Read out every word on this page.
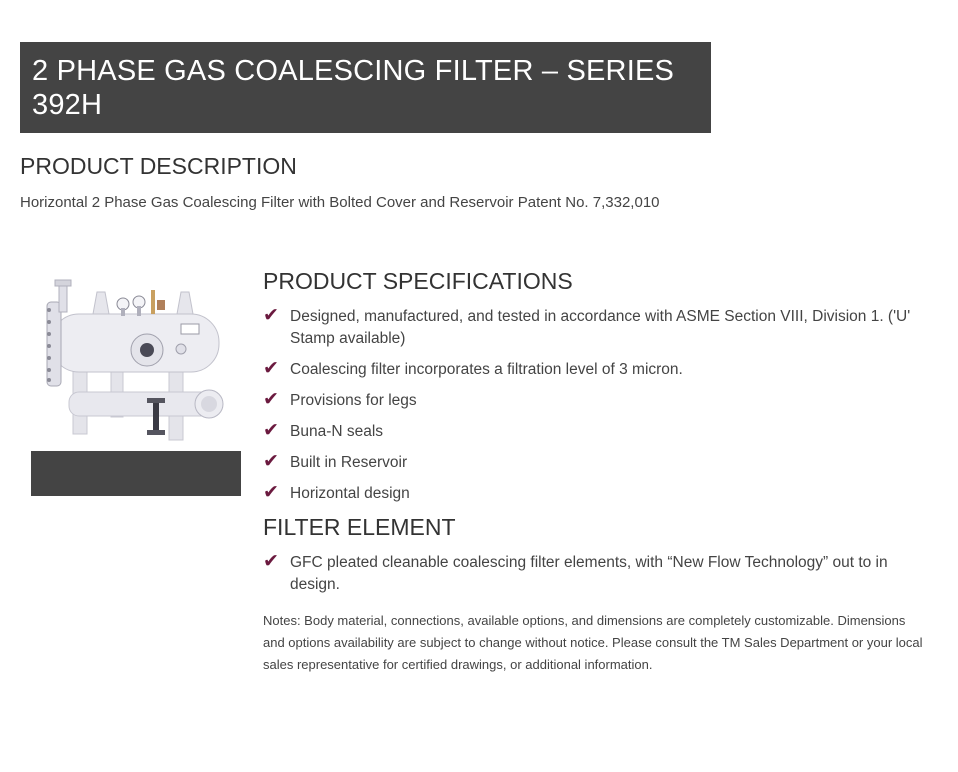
2 PHASE GAS COALESCING FILTER – SERIES 392H
PRODUCT DESCRIPTION

Horizontal 2 Phase Gas Coalescing Filter with Bolted Cover and Reservoir Patent No. 7,332,010

PRODUCT SPECIFICATIONS
✔ Designed, manufactured, and tested in accordance with ASME Section VIII, Division 1. ('U' Stamp available)
✔ Coalescing filter incorporates a filtration level of 3 micron.
✔ Provisions for legs
✔ Buna-N seals
✔ Built in Reservoir
✔ Horizontal design
FILTER ELEMENT
✔ GFC pleated cleanable coalescing filter elements, with “New Flow Technology” out to in design.

Notes: Body material, connections, available options, and dimensions are completely customizable. Dimensions and options availability are subject to change without notice. Please consult the TM Sales Department or your local sales representative for certified drawings, or additional information.
